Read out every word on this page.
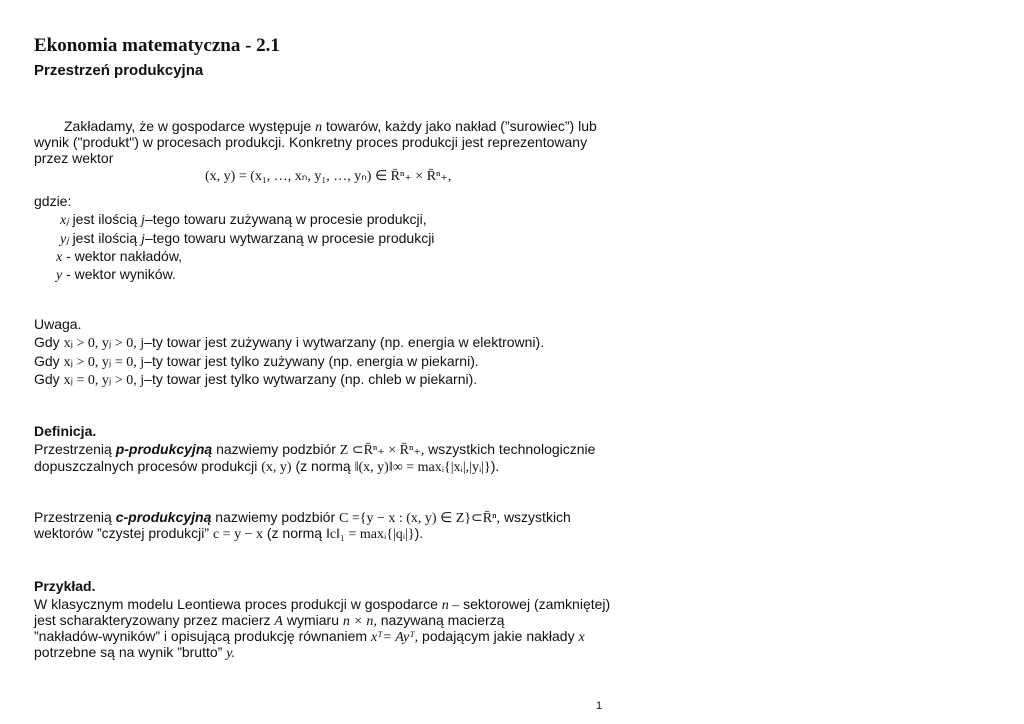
Ekonomia matematyczna - 2.1
Przestrzeń produkcyjna
Zakładamy, że w gospodarce występuje n towarów, każdy jako nakład (”surowiec”) lub
wynik ("produkt") w procesach produkcji. Konkretny proces produkcji jest reprezentowany
przez wektor
(x, y) = (x₁, …, xₙ, y₁, …, yₙ) ∈ R̄ⁿ₊ × R̄ⁿ₊,
gdzie:
xⱼ jest ilością j–tego towaru zużywaną w procesie produkcji,
yⱼ jest ilością j–tego towaru wytwarzaną w procesie produkcji
x - wektor nakładów,
y - wektor wyników.
Uwaga.
Gdy xⱼ > 0, yⱼ > 0, j–ty towar jest zużywany i wytwarzany (np. energia w elektrowni).
Gdy xⱼ > 0, yⱼ = 0, j–ty towar jest tylko zużywany (np. energia w piekarni).
Gdy xⱼ = 0, yⱼ > 0, j–ty towar jest tylko wytwarzany (np. chleb w piekarni).
Definicja.
Przestrzenią p-produkcyjną nazwiemy podzbiór Z ⊂R̄ⁿ₊ × R̄ⁿ₊, wszystkich technologicznie
dopuszczalnych procesów produkcji (x, y) (z normą ‖(x, y)‖∞ = maxᵢ{|xᵢ|,|yᵢ|}).
Przestrzenią c-produkcyjną nazwiemy podzbiór C ={y − x : (x, y) ∈ Z}⊂R̄ⁿ, wszystkich
wektorów ”czystej produkcji” c = y − x (z normą ‖c‖₁ = maxᵢ{|qᵢ|}).
Przykład.
W klasycznym modelu Leontiewa proces produkcji w gospodarce n – sektorowej (zamkniętej)
jest scharakteryzowany przez macierz A wymiaru n × n, nazywaną macierzą
”nakładów-wyników” i opisującą produkcję równaniem xᵀ= Ayᵀ, podającym jakie nakłady x
potrzebne są na wynik ”brutto” y.
1
